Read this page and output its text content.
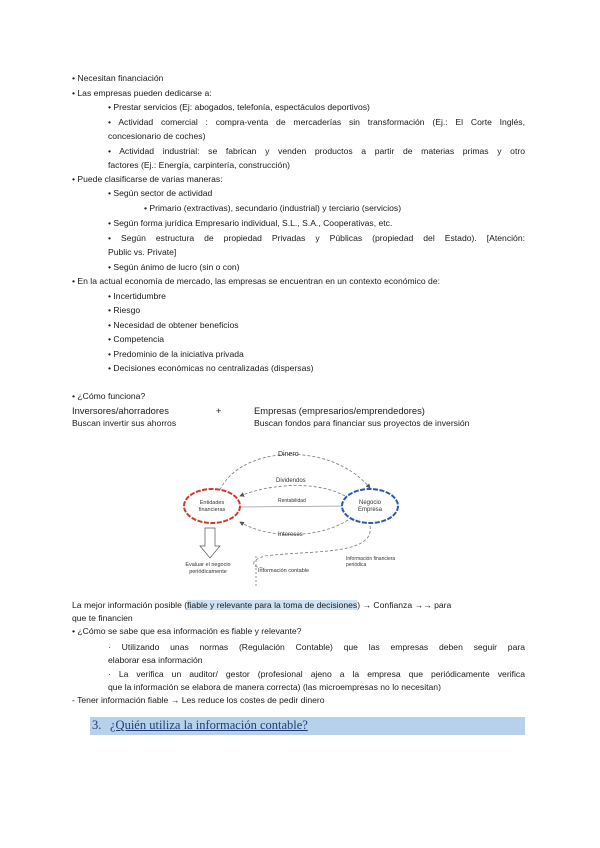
• Necesitan financiación
• Las empresas pueden dedicarse a:
• Prestar servicios (Ej: abogados, telefonía, espectáculos deportivos)
• Actividad comercial : compra-venta de mercaderías sin transformación (Ej.: El Corte Inglés,
concesionario de coches)
• Actividad industrial: se fabrican y venden productos a partir de materias primas y otro
factores (Ej.: Energía, carpintería, construcción)
• Puede clasificarse de varias maneras:
• Según sector de actividad
• Primario (extractivas), secundario (industrial) y terciario (servicios)
• Según forma jurídica Empresario individual, S.L., S.A., Cooperativas, etc.
• Según estructura de propiedad Privadas y Públicas (propiedad del Estado). [Atención:
Public vs. Private]
• Según ánimo de lucro (sin o con)
• En la actual economía de mercado, las empresas se encuentran en un contexto económico de:
• Incertidumbre
• Riesgo
• Necesidad de obtener beneficios
• Competencia
• Predominio de la iniciativa privada
• Decisiones económicas no centralizadas (dispersas)
• ¿Cómo funciona?
Inversores/ahorradores	+	Empresas (empresarios/emprendedores)
Buscan invertir sus ahorros	Buscan fondos para financiar sus proyectos de inversión
Dinero
Dividendos
Rentabilidad
Intereses
Entidades
financieras
Negocio
Empresa
Evaluar el negocio
periódicamente	Información contable
Información financiera
periódica
La mejor información posible (fiable y relevante para la toma de decisiones) → Confianza →→ para
que te financien
• ¿Cómo se sabe que esa información es fiable y relevante?
· Utilizando unas normas (Regulación Contable) que las empresas deben seguir para
elaborar esa información
· La verifica un auditor/ gestor (profesional ajeno a la empresa que periódicamente verifica
que la información se elabora de manera correcta) (las microempresas no lo necesitan)
- Tener información fiable → Les reduce los costes de pedir dinero
3. ¿Quién utiliza la información contable?
